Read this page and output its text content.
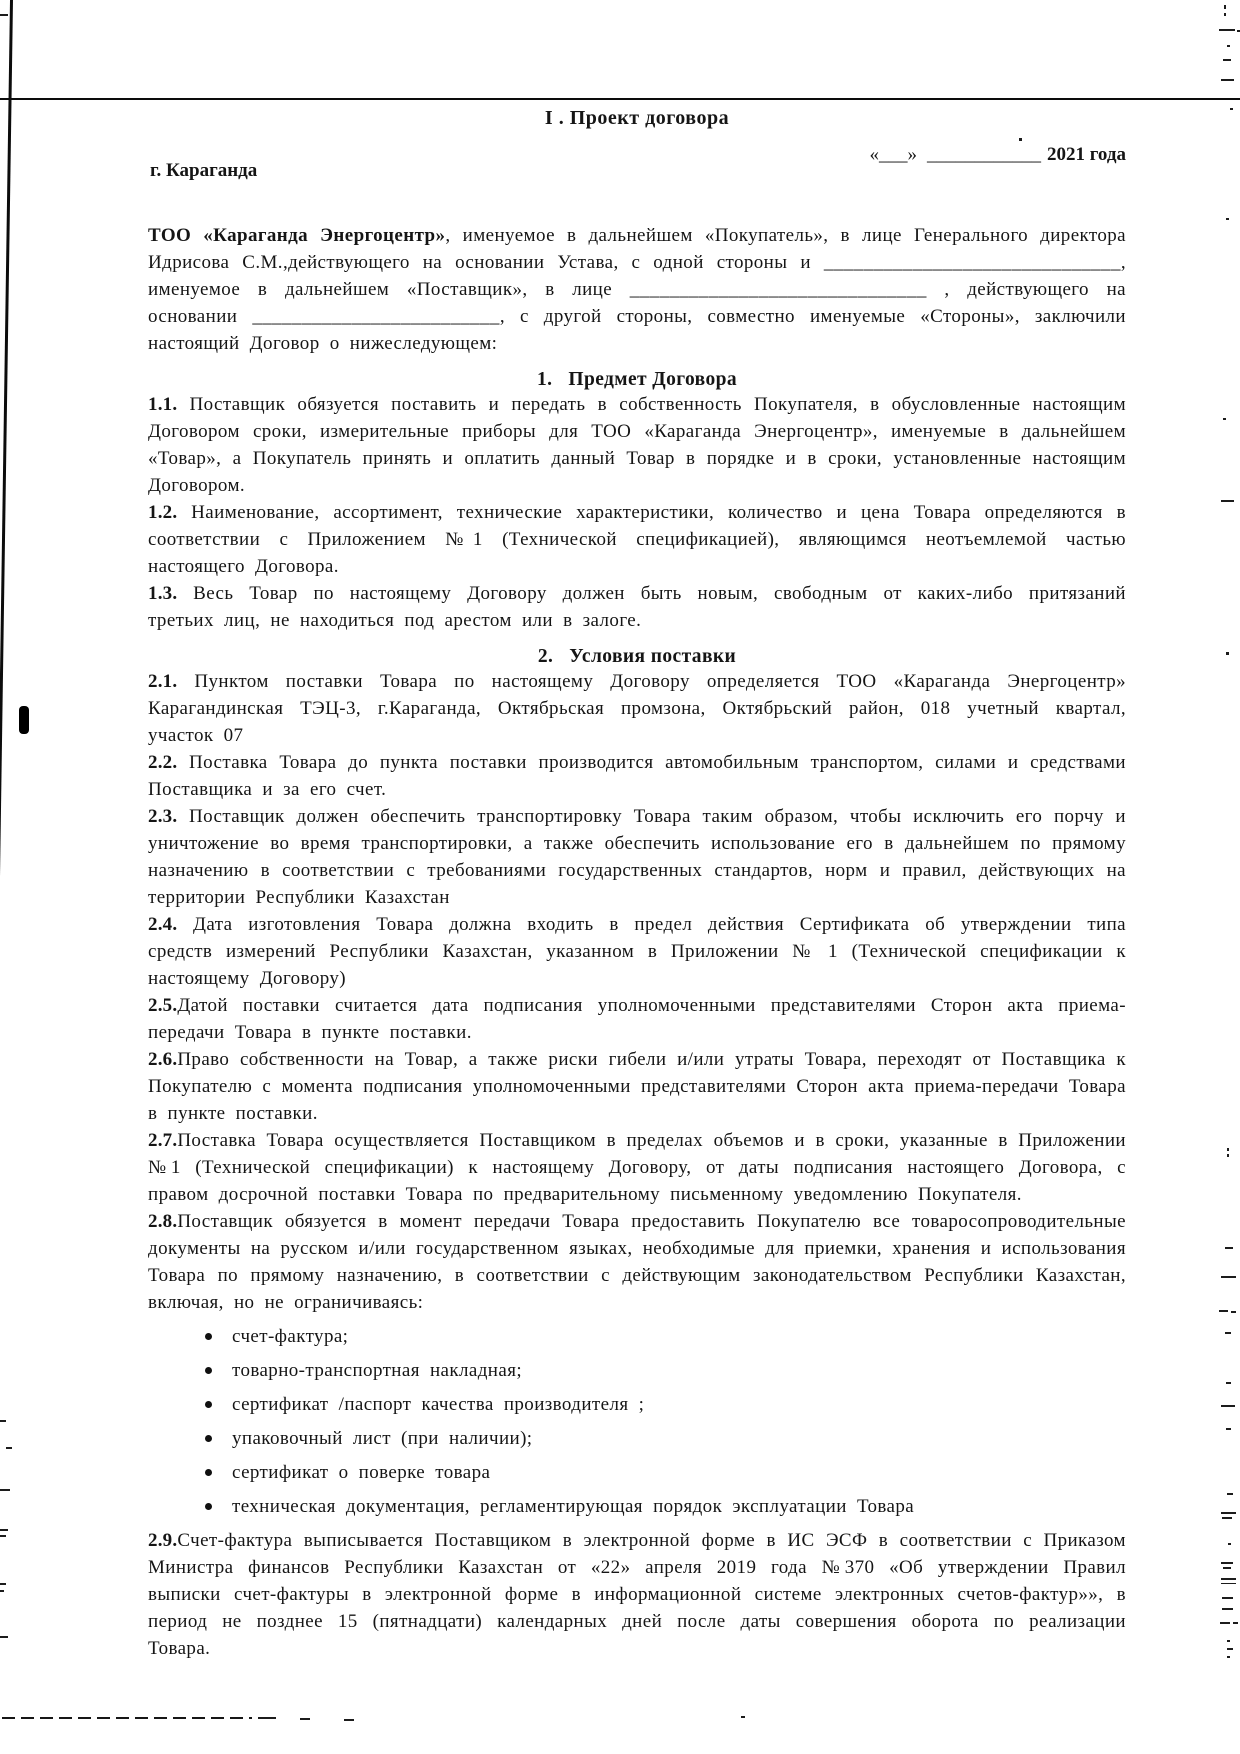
I . Проект договора
г. Караганда
«___» ____________ 2021 года

ТОО «Караганда Энергоцентр», именуемое в дальнейшем «Покупатель», в лице Генерального директора Идрисова С.М.,действующего на основании Устава, с одной стороны и ______________________________, именуемое в дальнейшем «Поставщик», в лице ______________________________ , действующего на основании _________________________, с другой стороны, совместно именуемые «Стороны», заключили настоящий Договор о нижеследующем:

1. Предмет Договора

1.1. Поставщик обязуется поставить и передать в собственность Покупателя, в обусловленные настоящим Договором сроки, измерительные приборы для ТОО «Караганда Энергоцентр», именуемые в дальнейшем «Товар», а Покупатель принять и оплатить данный Товар в порядке и в сроки, установленные настоящим Договором.

1.2. Наименование, ассортимент, технические характеристики, количество и цена Товара определяются в соответствии с Приложением №1 (Технической спецификацией), являющимся неотъемлемой частью настоящего Договора.

1.3. Весь Товар по настоящему Договору должен быть новым, свободным от каких-либо притязаний третьих лиц, не находиться под арестом или в залоге.

2. Условия поставки

2.1. Пунктом поставки Товара по настоящему Договору определяется ТОО «Караганда Энергоцентр» Карагандинская ТЭЦ-3, г.Караганда, Октябрьская промзона, Октябрьский район, 018 учетный квартал, участок 07

2.2. Поставка Товара до пункта поставки производится автомобильным транспортом, силами и средствами Поставщика и за его счет.

2.3. Поставщик должен обеспечить транспортировку Товара таким образом, чтобы исключить его порчу и уничтожение во время транспортировки, а также обеспечить использование его в дальнейшем по прямому назначению в соответствии с требованиями государственных стандартов, норм и правил, действующих на территории Республики Казахстан

2.4. Дата изготовления Товара должна входить в предел действия Сертификата об утверждении типа средств измерений Республики Казахстан, указанном в Приложении № 1 (Технической спецификации к настоящему Договору)

2.5.Датой поставки считается дата подписания уполномоченными представителями Сторон акта приема-передачи Товара в пункте поставки.

2.6.Право собственности на Товар, а также риски гибели и/или утраты Товара, переходят от Поставщика к Покупателю с момента подписания уполномоченными представителями Сторон акта приема-передачи Товара в пункте поставки.

2.7.Поставка Товара осуществляется Поставщиком в пределах объемов и в сроки, указанные в Приложении №1 (Технической спецификации) к настоящему Договору, от даты подписания настоящего Договора, с правом досрочной поставки Товара по предварительному письменному уведомлению Покупателя.

2.8.Поставщик обязуется в момент передачи Товара предоставить Покупателю все товаросопроводительные документы на русском и/или государственном языках, необходимые для приемки, хранения и использования Товара по прямому назначению, в соответствии с действующим законодательством Республики Казахстан, включая, но не ограничиваясь:

счет-фактура;
товарно-транспортная накладная;
сертификат /паспорт качества производителя ;
упаковочный лист (при наличии);
сертификат о поверке товара
техническая документация, регламентирующая порядок эксплуатации Товара

2.9.Счет-фактура выписывается Поставщиком в электронной форме в ИС ЭСФ в соответствии с Приказом Министра финансов Республики Казахстан от «22» апреля 2019 года №370 «Об утверждении Правил выписки счет-фактуры в электронной форме в информационной системе электронных счетов-фактур»», в период не позднее 15 (пятнадцати) календарных дней после даты совершения оборота по реализации Товара.
